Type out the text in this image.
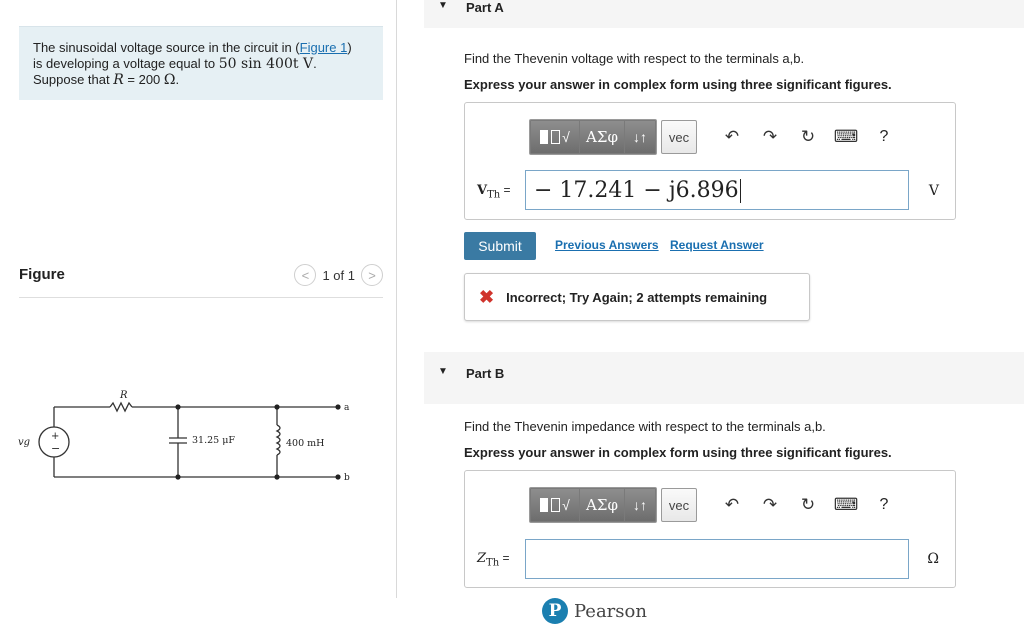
The sinusoidal voltage source in the circuit in (Figure 1)
is developing a voltage equal to 50 sin 400t V.
Suppose that R = 200 Ω.
Figure	<	1 of 1	>
R
+
−
vg	31.25 μF	400 mH
a
b
▼ Part A
Find the Thevenin voltage with respect to the terminals a,b.
Express your answer in complex form using three significant figures.
√	ΑΣφ	↓↑	vec	↶	↷	↻	⌨	?
$V_{Th}$ =	− 17.241 − j6.896	V
Submit	Previous Answers Request Answer
✖ Incorrect; Try Again; 2 attempts remaining
▼ Part B
Find the Thevenin impedance with respect to the terminals a,b.
Express your answer in complex form using three significant figures.
√	ΑΣφ	↓↑	vec	↶	↷	↻	⌨	?
$Z_{Th}$ =	Ω
P Pearson
